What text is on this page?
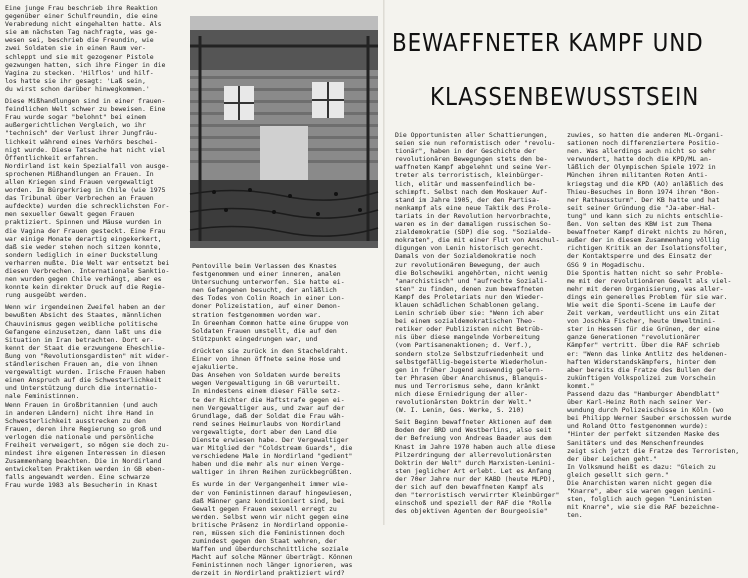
Eine junge Frau beschrieb ihre Reaktion
gegenüber einer Schulfreundin, die eine
Verabredung nicht eingehalten hatte. Als
sie am nächsten Tag nachfragte, was ge-
wesen sei, beschrieb die Freundin, wie
zwei Soldaten sie in einen Raum ver-
schleppt und sie mit gezogener Pistole
gezwungen hatten, sich ihre Finger in die
Vagina zu stecken. 'Hilflos' und hilf-
los hatte sie ihr gesagt: 'Laß sein,
du wirst schon darüber hinwegkommen.'
Diese Mißhandlungen sind in einer frauen-
feindlichen Welt schwer zu beweisen. Eine
Frau wurde sogar "belohnt" bei einem
außergerichtlichen Vergleich, wo ihr
"technisch" der Verlust ihrer Jungfräu-
lichkeit während eines Verhörs beschei-
nigt wurde. Diese Tatsache hat nicht viel
Öffentlichkeit erfahren.
Nordirland ist kein Spezialfall von ausge-
sprochenen Mißhandlungen an Frauen. In
allen Kriegen sind Frauen vergewaltigt
worden. Im Bürgerkrieg in Chile (wie 1975
das Tribunal über Verbrechen an Frauen
aufdeckte) wurden die schrecklichsten For-
men sexueller Gewalt gegen Frauen
praktiziert. Spinnen und Mäuse wurden in
die Vagina der Frauen gesteckt. Eine Frau
war einige Monate derartig eingekerkert,
daß sie weder stehen noch sitzen konnte,
sondern lediglich in einer Duckstellung
verharren mußte. Die Welt war entsetzt bei
diesen Verbrechen. Internationale Sanktio-
nen wurden gegen Chile verhängt, aber es
konnte kein direkter Druck auf die Regie-
rung ausgeübt werden.
Wenn wir irgendeinen Zweifel haben an der
bewußten Absicht des Staates, männlichen
Chauvinismus gegen weibliche politische
Gefangene einzusetzen, dann laßt uns die
Situation im Iran betrachten. Dort er-
kennt der Staat die erzwungene Eheschlie-
ßung von "Revolutionsgardisten" mit wider-
ständlerischen Frauen an, die von ihnen
vergewaltigt wurden. Irische Frauen haben
einen Anspruch auf die Schwesterlichkeit
und Unterstützung durch die internatio-
nale Feministinnen.
Wenn Frauen in Großbritannien (und auch
in anderen Ländern) nicht ihre Hand in
Schwesterlichkeit ausstrecken zu den
Frauen, deren ihre Regierung so groß und
verlogen die nationale und persönliche
Freiheit verweigert, so mögen sie doch zu-
mindest ihre eigenen Interessen in diesen
Zusammenhang beachten. Die in Nordirland
entwickelten Praktiken werden in GB eben-
falls angewandt werden. Eine schwarze
Frau wurde 1983 als Besucherin in Knast
Pentoville beim Verlassen des Knastes
festgenommen und einer inneren, analen
Untersuchung unterworfen. Sie hatte ei-
nen Gefangenen besucht, der anläßlich
des Todes von Colin Roach in einer Lon-
doner Polizeistation, auf einer Demon-
stration festgenommen worden war.
In Greenham Common hatte eine Gruppe von
Soldaten Frauen umstellt, die auf den
Stützpunkt eingedrungen war, und
drückten sie zurück in den Stacheldraht.
Einer von ihnen öffnete seine Hose und
ejakulierte.
Das Ansehen von Soldaten wurde bereits
wegen Vergewaltigung in GB verurteilt.
In mindestens einem dieser Fälle setz-
te der Richter die Haftstrafe gegen ei-
nen Vergewaltiger aus, und zwar auf der
Grundlage, daß der Soldat die Frau wäh-
rend seines Heimurlaubs von Nordirland
vergewaltigte, dort aber den Land die
Dienste erwiesen habe. Der Vergewaltiger
war Mitglied der "Coldstream Guards", die
verschiedene Male in Nordirland "gedient"
haben und die mehr als nur einen Verge-
waltiger in ihren Reihen zurückbegrüßten.
Es wurde in der Vergangenheit immer wie-
der von Feministinnen darauf hingewiesen,
daß Männer ganz konditioniert sind, bei
Gewalt gegen Frauen sexuell erregt zu
werden. Selbst wenn wir nicht gegen eine
britische Präsenz in Nordirland opponie-
ren, müssen sich die Feministinnen doch
zumindest gegen den Staat wehren, der
Waffen und überdurchschnittliche soziale
Macht auf solche Männer überträgt. Können
Feministinnen noch länger ignorieren, was
derzeit in Nordirland praktiziert wird?
BEWAFFNETER KAMPF UND
KLASSENBEWUSSTSEIN
Die Opportunisten aller Schattierungen,
seien sie nun reformistisch oder "revolu-
tionär", haben in der Geschichte der
revolutionären Bewegungen stets den be-
waffneten Kampf abgelehnt und seine Ver-
treter als terroristisch, kleinbürger-
lich, elitär und massenfeindlich be-
schimpft. Selbst nach dem Moskauer Auf-
stand im Jahre 1905, der den Partisa-
nenkampf als eine neue Taktik des Prole-
tariats in der Revolution hervorbrachte,
waren es in der damaligen russischen So-
zialdemokratie (SDP) die sog. "Sozialde-
mokraten", die mit einer Flut von Anschul-
digungen von Lenin historisch gerecht.
Damals von der Sozialdemokratie noch
zur revolutionären Bewegung, der auch
die Bolschewiki angehörten, nicht wenig
"anarchistisch" und "aufrechte Soziali-
sten" zu finden, denen zum bewaffneten
Kampf des Proletariats nur den Wieder-
klauen schädlichen Schablonen gelang.
Lenin schrieb über sie: "Wenn ich aber
bei einem sozialdemokratischen Theo-
retiker oder Publizisten nicht Betrüb-
nis über diese mangelnde Vorbereitung
(vom Partisanenaktionen; d. Verf.),
sondern stolze Selbstzufriedenheit und
selbstgefällig-begeisterte Wiederholun-
gen in früher Jugend auswendig gelern-
ter Phrasen über Anarchismus, Blanquis-
mus und Terrorismus sehe, dann kränkt
mich diese Erniedrigung der aller-
revolutionärsten Doktrin der Welt."
(W. I. Lenin, Ges. Werke, S. 210)
Seit Beginn bewaffneter Aktionen auf dem
Boden der BRD und Westberlins, also seit
der Befreiung von Andreas Baader aus dem
Knast im Jahre 1970 haben auch alle diese
Pilzerdringung der allerrevolutionärsten
Doktrin der Welt" durch Marxisten-Lenini-
sten jeglicher Art erlebt. Let es Anfang
der 70er Jahre nur der KABD (heute MLPD),
der sich auf den bewaffneten Kampf als
den "terroristisch verwirrter Kleinbürger"
einschoß und speziell der RAF die "Rolle
des objektiven Agenten der Bourgeoisie"
zuwies, so hatten die anderen ML-Organi-
sationen noch differenziertere Positio-
nen. Was allerdings auch nicht so sehr
verwundert, hatte doch die KPD/ML an-
läßlich der Olympischen Spiele 1972 in
München ihren militanten Roten Anti-
kriegstag und die KPD (AO) anläßlich des
Thieu-Besuches in Bonn 1974 ihren "Bon-
ner Rathaussturm". Der KB hatte und hat
seit seiner Gründung die "Ja-aber-Hal-
tung" und kann sich zu nichts entschlie-
ßen. Von selten des KBW ist zum Thema
bewaffneter Kampf direkt nichts zu hören,
außer der in diesem Zusammenhang völlig
richtigen Kritik an der Isolationsfolter,
der Kontaktsperre und des Einsatz der
GSG 9 in Mogadischu.
Die Spontis hatten nicht so sehr Proble-
me mit der revolutionären Gewalt als viel-
mehr mit deren Organisierung, was aller-
dings ein generelles Problem für sie war.
Wie weit die Sponti-Scene im Laufe der
Zeit verkam, verdeutlicht uns ein Zitat
von Joschka Fischer, heute Umweltmini-
ster in Hessen für die Grünen, der eine
ganze Generationen "revolutionärer
Kämpfer" vertritt. Über die RAF schrieb
er: "Wenn das linke Antlitz des heldenen-
haften Widerstandskämpfers, hinter dem
aber bereits die Fratze des Bullen der
zukünftigen Volkspolizei zum Vorschein
kommt."
Passend dazu das "Hamburger Abendblatt"
über Karl-Heinz Roth nach seiner Ver-
wundung durch Polizeischüsse in Köln (wo
bei Philipp Werner Sauber erschossen wurde
und Roland Otto festgenommen wurde):
"Hinter der perfekt sitzenden Maske des
Sanitäters und des Menschenfreundes
zeigt sich jetzt die Fratze des Terroristen,
der über Leichen geht."
In Volksmund heißt es dazu: "Gleich zu
gleich gesellt sich gern."
Die Anarchisten waren nicht gegen die
"Knarre", aber sie waren gegen Lenini-
sten, folglich auch gegen "Leninisten
mit Knarre", wie sie die RAF bezeichne-
ten.
